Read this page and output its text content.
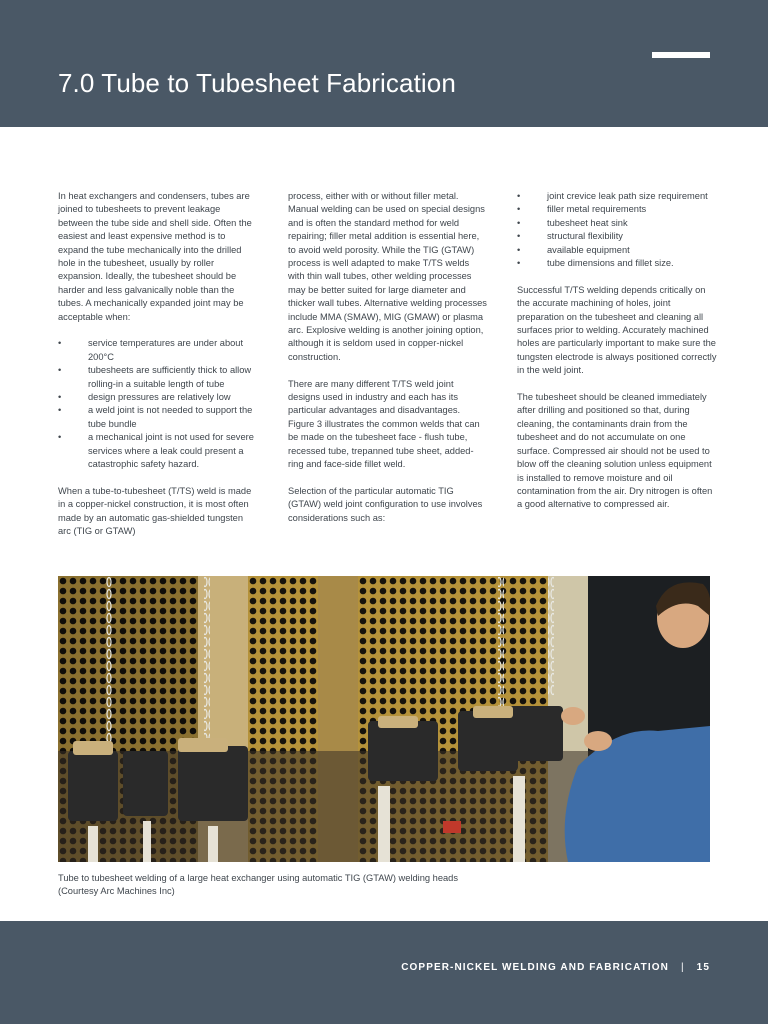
7.0 Tube to Tubesheet Fabrication

In heat exchangers and condensers, tubes are joined to tubesheets to prevent leakage between the tube side and shell side. Often the easiest and least expensive method is to expand the tube mechanically into the drilled hole in the tubesheet, usually by roller expansion. Ideally, the tubesheet should be harder and less galvanically noble than the tubes. A mechanically expanded joint may be acceptable when:

• service temperatures are under about 200°C
• tubesheets are sufficiently thick to allow rolling-in a suitable length of tube
• design pressures are relatively low
• a weld joint is not needed to support the tube bundle
• a mechanical joint is not used for severe services where a leak could present a catastrophic safety hazard.

When a tube-to-tubesheet (T/TS) weld is made in a copper-nickel construction, it is most often made by an automatic gas-shielded tungsten arc (TIG or GTAW)

process, either with or without filler metal. Manual welding can be used on special designs and is often the standard method for weld repairing; filler metal addition is essential here, to avoid weld porosity. While the TIG (GTAW) process is well adapted to make T/TS welds with thin wall tubes, other welding processes may be better suited for large diameter and thicker wall tubes. Alternative welding processes include MMA (SMAW), MIG (GMAW) or plasma arc. Explosive welding is another joining option, although it is seldom used in copper-nickel construction.

There are many different T/TS weld joint designs used in industry and each has its particular advantages and disadvantages. Figure 3 illustrates the common welds that can be made on the tubesheet face - flush tube, recessed tube, trepanned tube sheet, added-ring and face-side fillet weld.

Selection of the particular automatic TIG (GTAW) weld joint configuration to use involves considerations such as:

• joint crevice leak path size requirement
• filler metal requirements
• tubesheet heat sink
• structural flexibility
• available equipment
• tube dimensions and fillet size.

Successful T/TS welding depends critically on the accurate machining of holes, joint preparation on the tubesheet and cleaning all surfaces prior to welding. Accurately machined holes are particularly important to make sure the tungsten electrode is always positioned correctly in the weld joint.

The tubesheet should be cleaned immediately after drilling and positioned so that, during cleaning, the contaminants drain from the tubesheet and do not accumulate on one surface. Compressed air should not be used to blow off the cleaning solution unless equipment is installed to remove moisture and oil contamination from the air. Dry nitrogen is often a good alternative to compressed air.

Tube to tubesheet welding of a large heat exchanger using automatic TIG (GTAW) welding heads
(Courtesy Arc Machines Inc)

COPPER-NICKEL WELDING AND FABRICATION | 15
